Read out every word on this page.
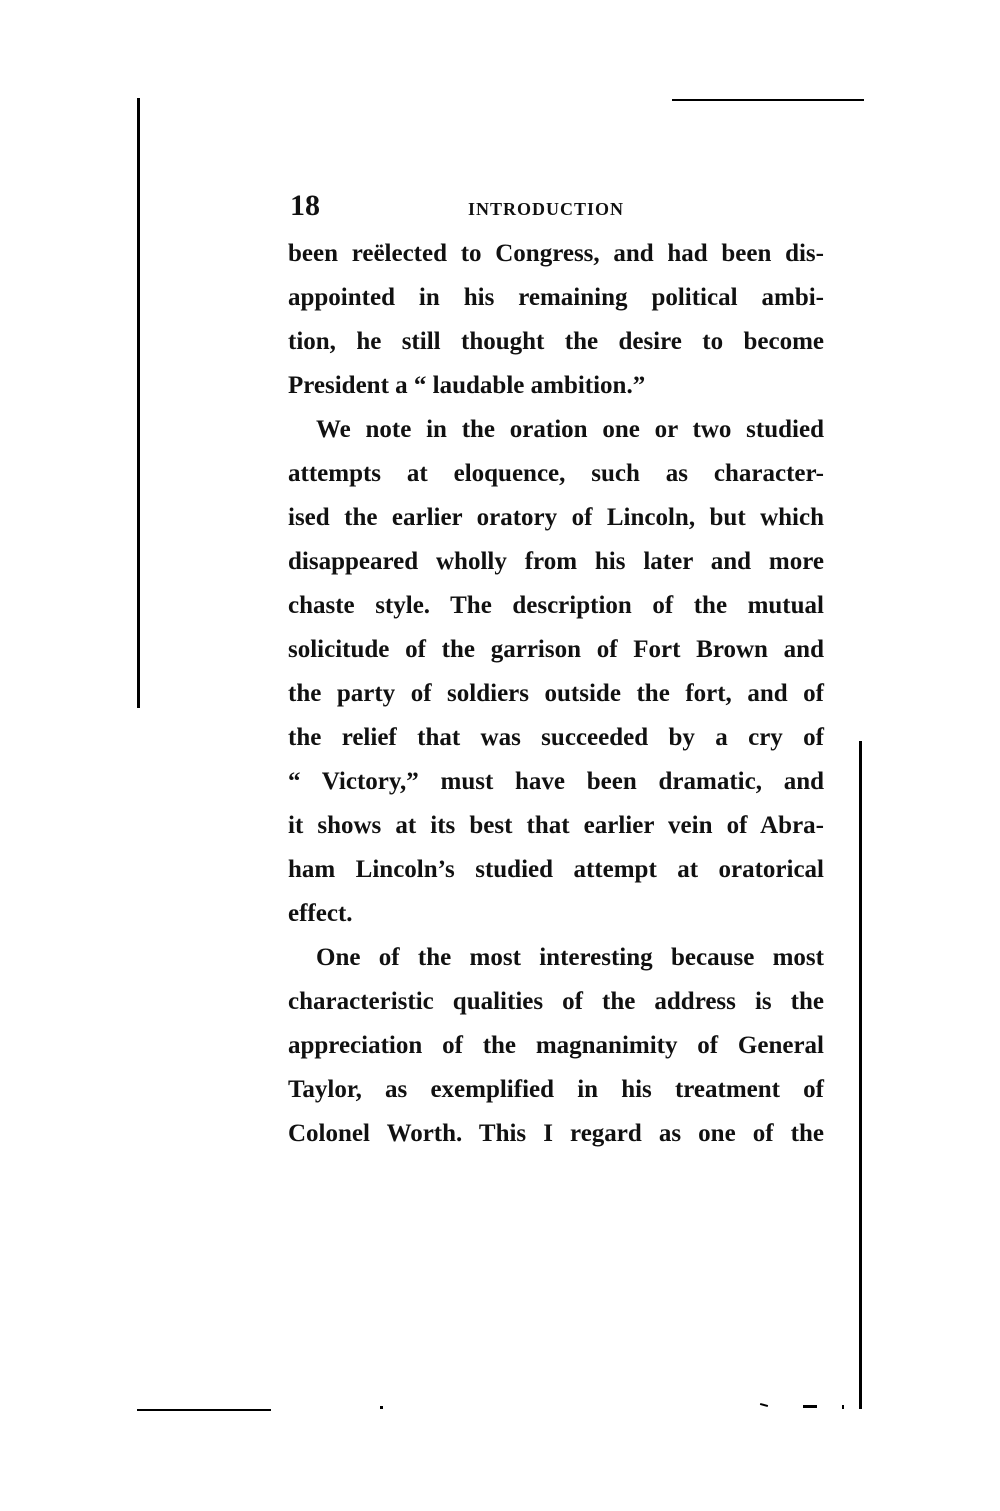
18	INTRODUCTION
been reëlected to Congress, and had been dis-
appointed in his remaining political ambi-
tion, he still thought the desire to become
President a “ laudable ambition.”
We note in the oration one or two studied
attempts at eloquence, such as character-
ised the earlier oratory of Lincoln, but which
disappeared wholly from his later and more
chaste style. The description of the mutual
solicitude of the garrison of Fort Brown and
the party of soldiers outside the fort, and of
the relief that was succeeded by a cry of
“ Victory,” must have been dramatic, and
it shows at its best that earlier vein of Abra-
ham Lincoln’s studied attempt at oratorical
effect.
One of the most interesting because most
characteristic qualities of the address is the
appreciation of the magnanimity of General
Taylor, as exemplified in his treatment of
Colonel Worth. This I regard as one of the
